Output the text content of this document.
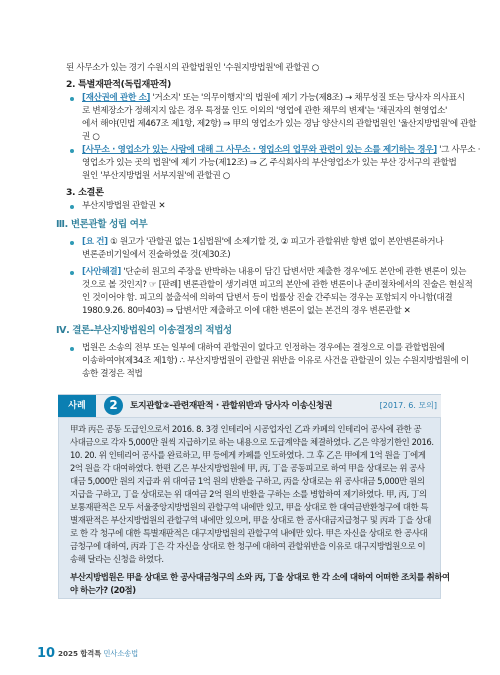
된 사무소가 있는 경기 수원시의 관할법원인 '수원지방법원'에 관할권 ○
2. 특별재판적(독립재판적)
[재산권에 관한 소] '거소지' 또는 '의무이행지'의 법원에 제기 가능(제8조) → 채무성질 또는 당사자 의사표시
로 변제장소가 정해지지 않은 경우 특정물 인도 이외의 '영업에 관한 채무의 변제'는 '채권자의 현영업소'
에서 해야(민법 제467조 제1항, 제2항) ⇒ 甲의 영업소가 있는 경남 양산시의 관할법원인 '울산지방법원'에 관할
권 ○
[사무소 · 영업소가 있는 사람에 대해 그 사무소 · 영업소의 업무와 관련이 있는 소를 제기하는 경우] '그 사무소 ·
영업소가 있는 곳의 법원'에 제기 가능(제12조) ⇒ 乙 주식회사의 부산영업소가 있는 부산 강서구의 관할법
원인 '부산지방법원 서부지원'에 관할권 ○
3. 소결론
부산지방법원 관할권 ✕
Ⅲ. 변론관할 성립 여부
[요 건] ① 원고가 '관할권 없는 1심법원'에 소제기할 것, ② 피고가 관할위반 항변 없이 본안변론하거나
변론준비기일에서 진술하였을 것(제30조)
[사안해결] '단순히 원고의 주장을 반박하는 내용이 담긴 답변서만 제출한 경우'에도 본안에 관한 변론이 있는
것으로 볼 것인지? ☞ [판례] 변론관할이 생기려면 피고의 본안에 관한 변론이나 준비절차에서의 진술은 현실적
인 것이어야 함. 피고의 불출석에 의하여 답변서 등이 법률상 진술 간주되는 경우는 포함되지 아니함(대결
1980.9.26. 80마403) ⇒ 답변서만 제출하고 이에 대한 변론이 없는 본건의 경우 변론관할 ✕
Ⅳ. 결론-부산지방법원의 이송결정의 적법성
법원은 소송의 전부 또는 일부에 대하여 관할권이 없다고 인정하는 경우에는 결정으로 이를 관할법원에
이송하여야(제34조 제1항) ∴ 부산지방법원이 관할권 위반을 이유로 사건을 관할권이 있는 수원지방법원에 이
송한 결정은 적법
사례	2	토지관할②-관련재판적 · 관할위반과 당사자 이송신청권	[2017. 6. 모의]
甲과 丙은 공동 도급인으로서 2016. 8. 3경 인테리어 시공업자인 乙과 카페의 인테리어 공사에 관한 공
사대금으로 각자 5,000만 원씩 지급하기로 하는 내용으로 도급계약을 체결하였다. 乙은 약정기한인 2016.
10. 20. 위 인테리어 공사를 완료하고, 甲 등에게 카페를 인도하였다. 그 후 乙은 甲에게 1억 원을 丁에게
2억 원을 각 대여하였다. 한편 乙은 부산지방법원에 甲, 丙, 丁을 공동피고로 하여 甲을 상대로는 위 공사
대금 5,000만 원의 지급과 위 대여금 1억 원의 반환을 구하고, 丙을 상대로는 위 공사대금 5,000만 원의
지급을 구하고, 丁을 상대로는 위 대여금 2억 원의 반환을 구하는 소를 병합하여 제기하였다. 甲, 丙, 丁의
보통재판적은 모두 서울중앙지방법원의 관할구역 내에만 있고, 甲을 상대로 한 대여금반환청구에 대한 특
별재판적은 부산지방법원의 관할구역 내에만 있으며, 甲을 상대로 한 공사대금지급청구 및 丙과 丁을 상대
로 한 각 청구에 대한 특별재판적은 대구지방법원의 관할구역 내에만 있다. 甲은 자신을 상대로 한 공사대
금청구에 대하여, 丙과 丁은 각 자신을 상대로 한 청구에 대하여 관할위반을 이유로 대구지방법원으로 이
송해 달라는 신청을 하였다.
부산지방법원은 甲을 상대로 한 공사대금청구의 소와 丙, 丁을 상대로 한 각 소에 대하여 어떠한 조치를 취하여
야 하는가? (20점)
10 2025 합격특 민사소송법
